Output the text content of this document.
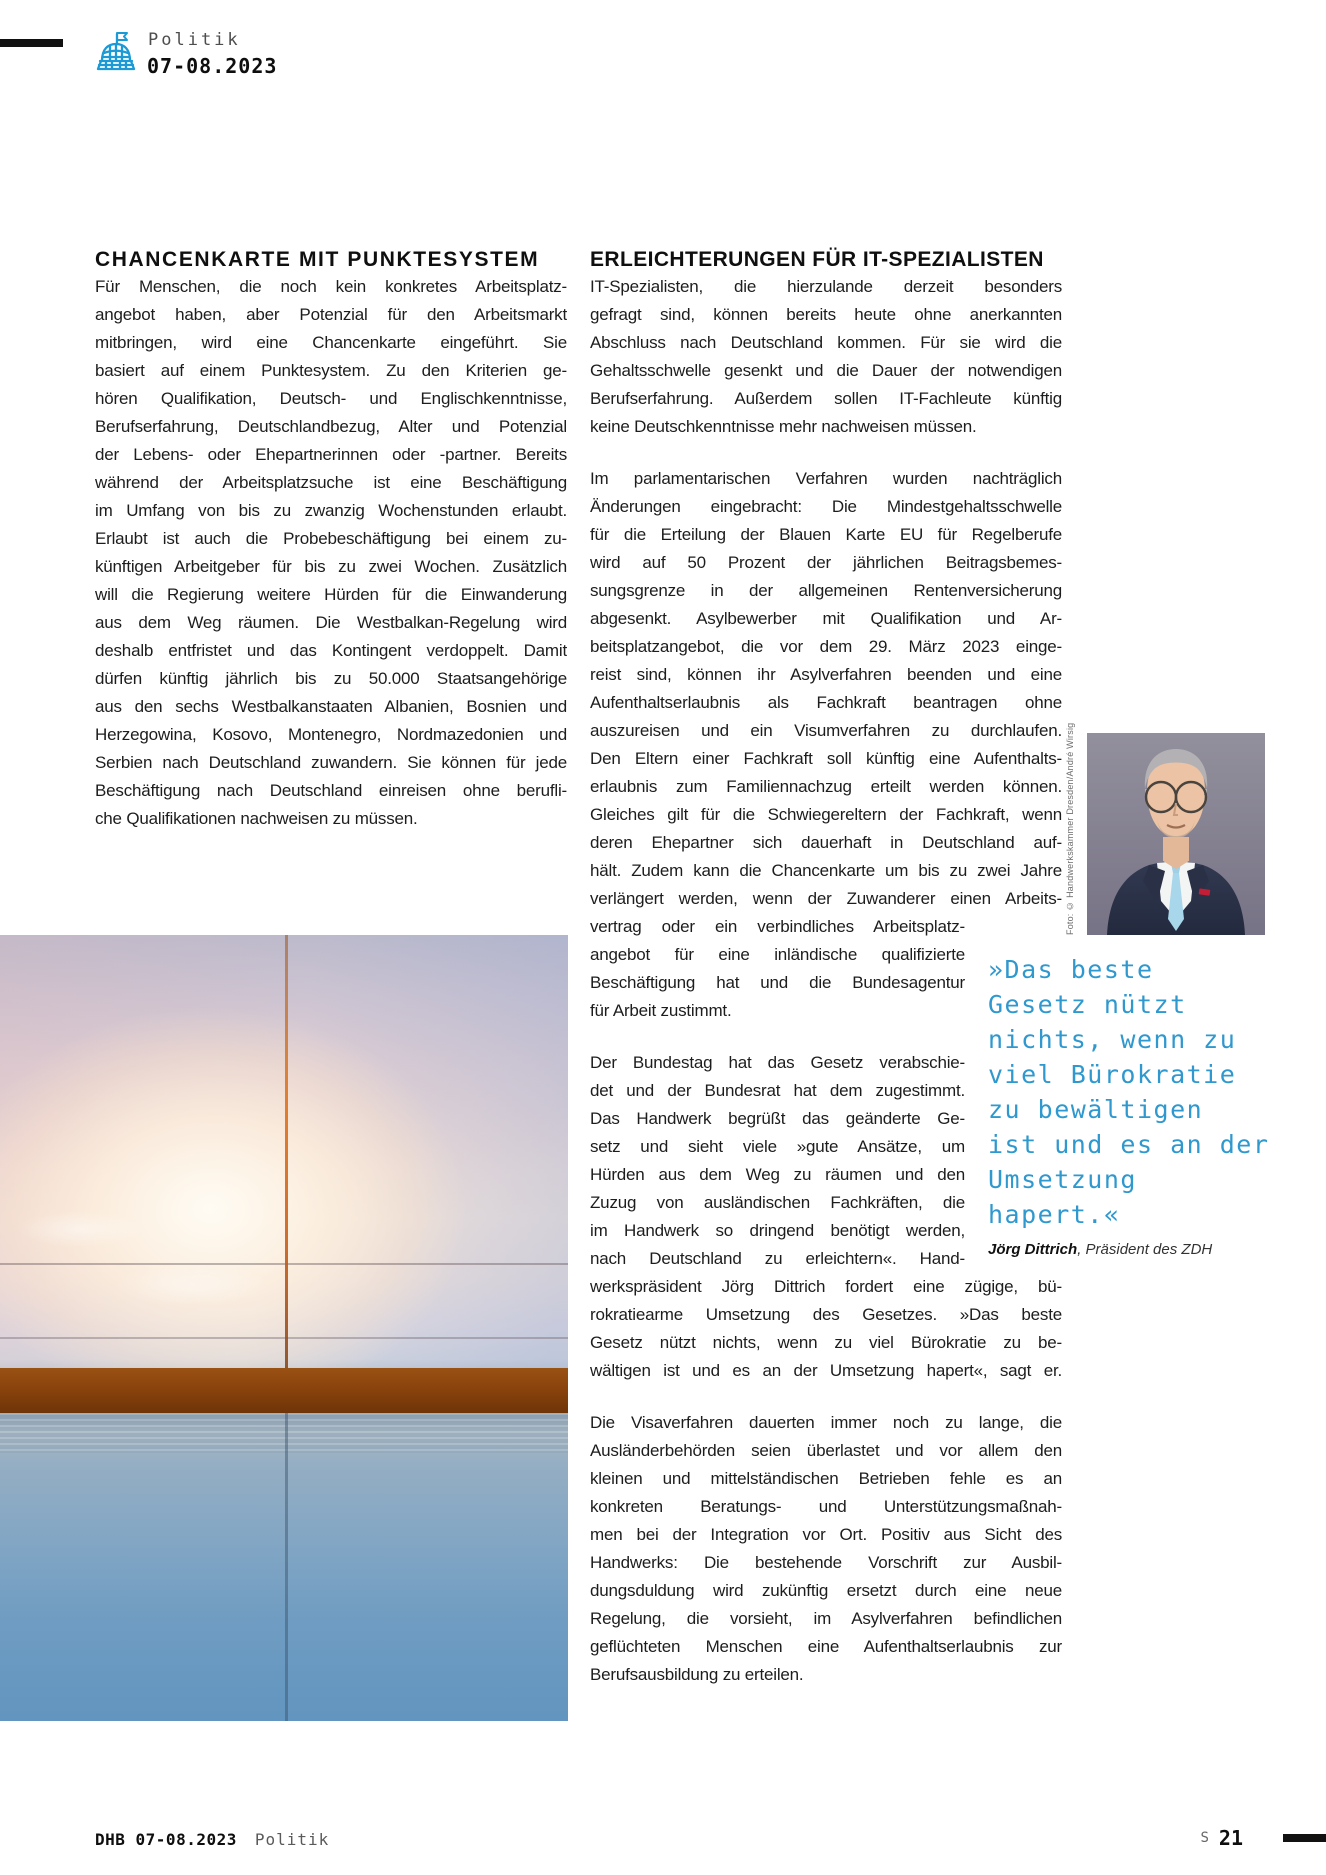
Politik
07-08.2023
CHANCENKARTE MIT PUNKTESYSTEM
Für Menschen, die noch kein konkretes Arbeitsplatz-
angebot haben, aber Potenzial für den Arbeitsmarkt
mitbringen, wird eine Chancenkarte eingeführt. Sie
basiert auf einem Punktesystem. Zu den Kriterien ge-
hören Qualifikation, Deutsch- und Englischkenntnisse,
Berufserfahrung, Deutschlandbezug, Alter und Potenzial
der Lebens- oder Ehepartnerinnen oder -partner. Bereits
während der Arbeitsplatzsuche ist eine Beschäftigung
im Umfang von bis zu zwanzig Wochenstunden erlaubt.
Erlaubt ist auch die Probebeschäftigung bei einem zu-
künftigen Arbeitgeber für bis zu zwei Wochen. Zusätzlich
will die Regierung weitere Hürden für die Einwanderung
aus dem Weg räumen. Die Westbalkan-Regelung wird
deshalb entfristet und das Kontingent verdoppelt. Damit
dürfen künftig jährlich bis zu 50.000 Staatsangehörige
aus den sechs Westbalkanstaaten Albanien, Bosnien und
Herzegowina, Kosovo, Montenegro, Nordmazedonien und
Serbien nach Deutschland zuwandern. Sie können für jede
Beschäftigung nach Deutschland einreisen ohne berufli-
che Qualifikationen nachweisen zu müssen.
ERLEICHTERUNGEN FÜR IT-SPEZIALISTEN
IT-Spezialisten, die hierzulande derzeit besonders
gefragt sind, können bereits heute ohne anerkannten
Abschluss nach Deutschland kommen. Für sie wird die
Gehaltsschwelle gesenkt und die Dauer der notwendigen
Berufserfahrung. Außerdem sollen IT-Fachleute künftig
keine Deutschkenntnisse mehr nachweisen müssen.
Im parlamentarischen Verfahren wurden nachträglich
Änderungen eingebracht: Die Mindestgehaltsschwelle
für die Erteilung der Blauen Karte EU für Regelberufe
wird auf 50 Prozent der jährlichen Beitragsbemes-
sungsgrenze in der allgemeinen Rentenversicherung
abgesenkt. Asylbewerber mit Qualifikation und Ar-
beitsplatzangebot, die vor dem 29. März 2023 einge-
reist sind, können ihr Asylverfahren beenden und eine
Aufenthaltserlaubnis als Fachkraft beantragen ohne
auszureisen und ein Visumverfahren zu durchlaufen.
Den Eltern einer Fachkraft soll künftig eine Aufenthalts-
erlaubnis zum Familiennachzug erteilt werden können.
Gleiches gilt für die Schwiegereltern der Fachkraft, wenn
deren Ehepartner sich dauerhaft in Deutschland auf-
hält. Zudem kann die Chancenkarte um bis zu zwei Jahre
verlängert werden, wenn der Zuwanderer einen Arbeits-
vertrag oder ein verbindliches Arbeitsplatz-
angebot für eine inländische qualifizierte
Beschäftigung hat und die Bundesagentur
für Arbeit zustimmt.
Der Bundestag hat das Gesetz verabschie-
det und der Bundesrat hat dem zugestimmt.
Das Handwerk begrüßt das geänderte Ge-
setz und sieht viele »gute Ansätze, um
Hürden aus dem Weg zu räumen und den
Zuzug von ausländischen Fachkräften, die
im Handwerk so dringend benötigt werden,
nach Deutschland zu erleichtern«. Hand-
werkspräsident Jörg Dittrich fordert eine zügige, bü-
rokratiearme Umsetzung des Gesetzes. »Das beste
Gesetz nützt nichts, wenn zu viel Bürokratie zu be-
wältigen ist und es an der Umsetzung hapert«, sagt er.
Die Visaverfahren dauerten immer noch zu lange, die
Ausländerbehörden seien überlastet und vor allem den
kleinen und mittelständischen Betrieben fehle es an
konkreten Beratungs- und Unterstützungsmaßnah-
men bei der Integration vor Ort. Positiv aus Sicht des
Handwerks: Die bestehende Vorschrift zur Ausbil-
dungsduldung wird zukünftig ersetzt durch eine neue
Regelung, die vorsieht, im Asylverfahren befindlichen
geflüchteten Menschen eine Aufenthaltserlaubnis zur
Berufsausbildung zu erteilen.
Foto: © Handwerkskammer Dresden/André Wirsig
»Das beste
Gesetz nützt
nichts, wenn zu
viel Bürokratie
zu bewältigen
ist und es an der
Umsetzung
hapert.«
Jörg Dittrich, Präsident des ZDH
DHB 07-08.2023 Politik	S 21
